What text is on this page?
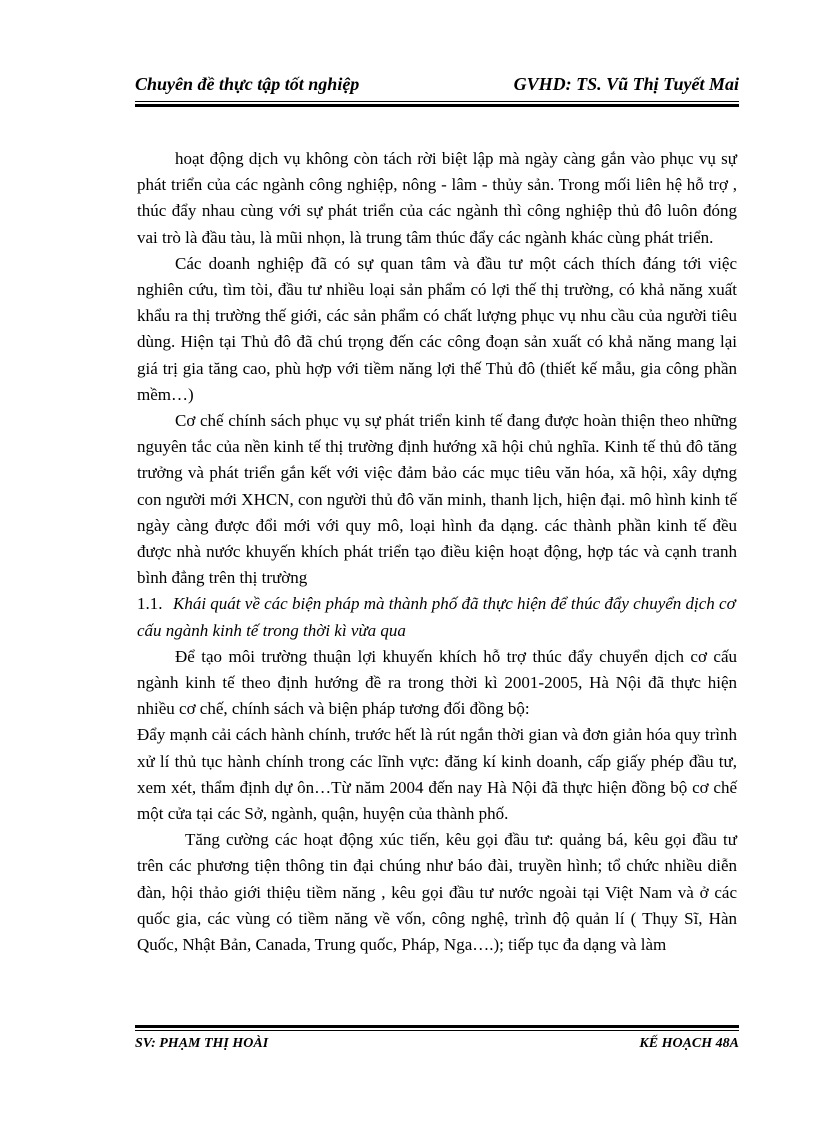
Chuyên đề thực tập tốt nghiệp	GVHD: TS. Vũ Thị Tuyết Mai

hoạt động dịch vụ không còn tách rời biệt lập mà ngày càng gắn vào phục vụ sự phát triển của các ngành công nghiệp, nông - lâm - thủy sản. Trong mối liên hệ hỗ trợ , thúc đẩy nhau cùng với sự phát triển của các ngành thì công nghiệp thủ đô luôn đóng vai trò là đầu tàu, là mũi nhọn, là trung tâm thúc đẩy các ngành khác cùng phát triển.

Các doanh nghiệp đã có sự quan tâm và đầu tư một cách thích đáng tới việc nghiên cứu, tìm tòi, đầu tư nhiều loại sản phẩm có lợi thế thị trường, có khả năng xuất khẩu ra thị trường thế giới, các sản phẩm có chất lượng phục vụ nhu cầu của người tiêu dùng. Hiện tại Thủ đô đã chú trọng đến các công đoạn sản xuất có khả năng mang lại giá trị gia tăng cao, phù hợp với tiềm năng lợi thế Thủ đô (thiết kế mẫu, gia công phần mềm…)

Cơ chế chính sách phục vụ sự phát triển kinh tế đang được hoàn thiện theo những nguyên tắc của nền kinh tế thị trường định hướng xã hội chủ nghĩa. Kinh tế thủ đô tăng trưởng và phát triển gắn kết với việc đảm bảo các mục tiêu văn hóa, xã hội, xây dựng con người mới XHCN, con người thủ đô văn minh, thanh lịch, hiện đại. mô hình kinh tế ngày càng được đổi mới với quy mô, loại hình đa dạng. các thành phần kinh tế đều được nhà nước khuyến khích phát triển tạo điều kiện hoạt động, hợp tác và cạnh tranh bình đẳng trên thị trường

1.1. Khái quát về các biện pháp mà thành phố đã thực hiện để thúc đẩy chuyển dịch cơ cấu ngành kinh tế trong thời kì vừa qua

Để tạo môi trường thuận lợi khuyến khích hỗ trợ thúc đẩy chuyển dịch cơ cấu ngành kinh tế theo định hướng đề ra trong thời kì 2001-2005, Hà Nội đã thực hiện nhiều cơ chế, chính sách và biện pháp tương đối đồng bộ:

Đẩy mạnh cải cách hành chính, trước hết là rút ngắn thời gian và đơn giản hóa quy trình xử lí thủ tục hành chính trong các lĩnh vực: đăng kí kinh doanh, cấp giấy phép đầu tư, xem xét, thẩm định dự ôn…Từ năm 2004 đến nay Hà Nội đã thực hiện đồng bộ cơ chế một cửa tại các Sở, ngành, quận, huyện của thành phố.

Tăng cường các hoạt động xúc tiến, kêu gọi đầu tư: quảng bá, kêu gọi đầu tư trên các phương tiện thông tin đại chúng như báo đài, truyền hình; tổ chức nhiều diễn đàn, hội thảo giới thiệu tiềm năng , kêu gọi đầu tư nước ngoài tại Việt Nam và ở các quốc gia, các vùng có tiềm năng về vốn, công nghệ, trình độ quản lí ( Thụy Sĩ, Hàn Quốc, Nhật Bản, Canada, Trung quốc, Pháp, Nga….); tiếp tục đa dạng và làm

SV: PHẠM THỊ HOÀI	KẾ HOẠCH 48A
